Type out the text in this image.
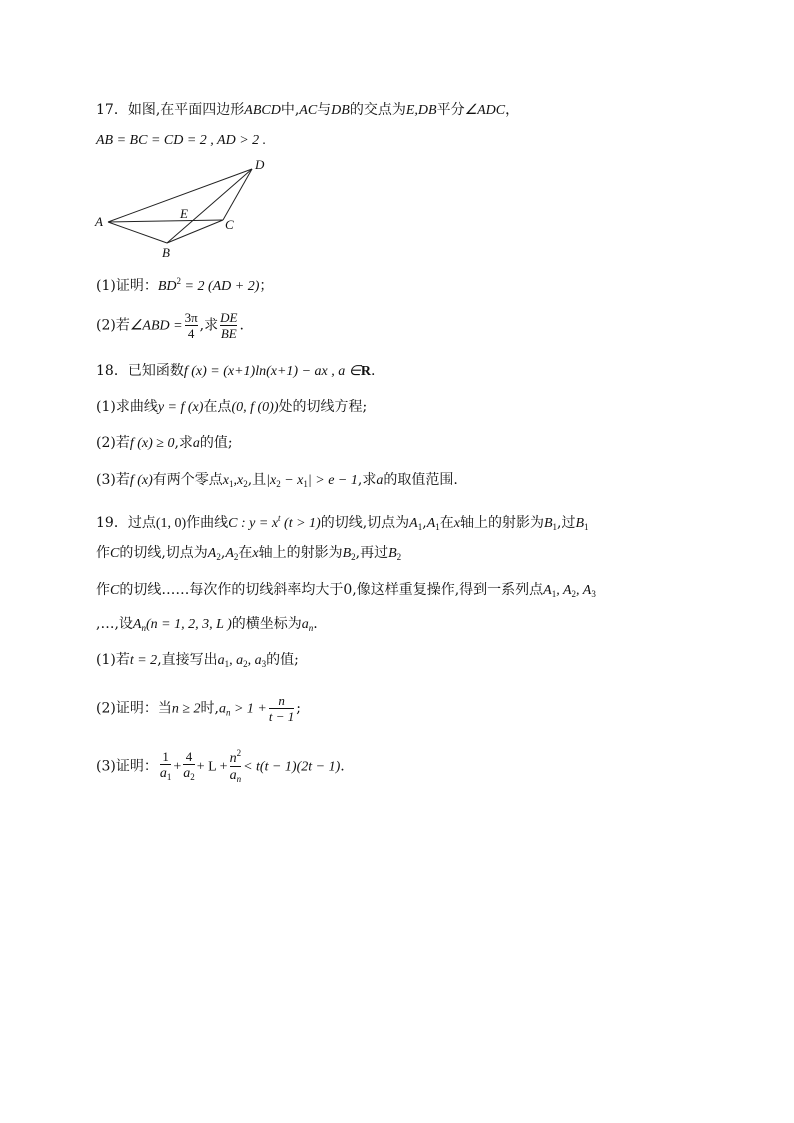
17．如图,在平面四边形ABCD中,AC与DB的交点为E,DB平分∠ADC，
AB = BC = CD = 2 , AD > 2 .
A
B
C
D
E
(1)证明：$BD^2 = 2$ (AD + 2)；
(2)若∠ABD = $\frac{3\pi}{4}$ ,求 $\frac{DE}{BE}$ .
18．已知函数f (x) = (x+1)ln(x+1) − ax , a ∈R.
(1)求曲线y = f (x)在点(0, f (0))处的切线方程;
(2)若f (x) ≥ 0,求a的值;
(3)若f (x)有两个零点$x_1,x_2$,且$|x_2 - x_1| > e - 1$,求a的取值范围.
19．过点(1, 0)作曲线C : $y = x^t$ (t > 1)的切线,切点为$A_1,A_1$在x轴上的射影为$B_1$,过$B_1$
作C的切线,切点为$A_2,A_2$在x轴上的射影为$B_2$,再过$B_2$
作C的切线……每次作的切线斜率均大于0,像这样重复操作,得到一系列点$A_1$, $A_2$, $A_3$
,…,设$A_n(n = 1$, 2, 3, L )的横坐标为$a_n$.
(1)若t = 2,直接写出$a_1$, $a_2$, $a_3$的值;
(2)证明：当n ≥ 2时$,a_n > 1 + \frac{n}{t - 1}$ ;
(3)证明： $\frac{1}{a_1} + \frac{4}{a_2} + L + \frac{n^2}{a_n} < t(t - 1)(2t - 1)$.
